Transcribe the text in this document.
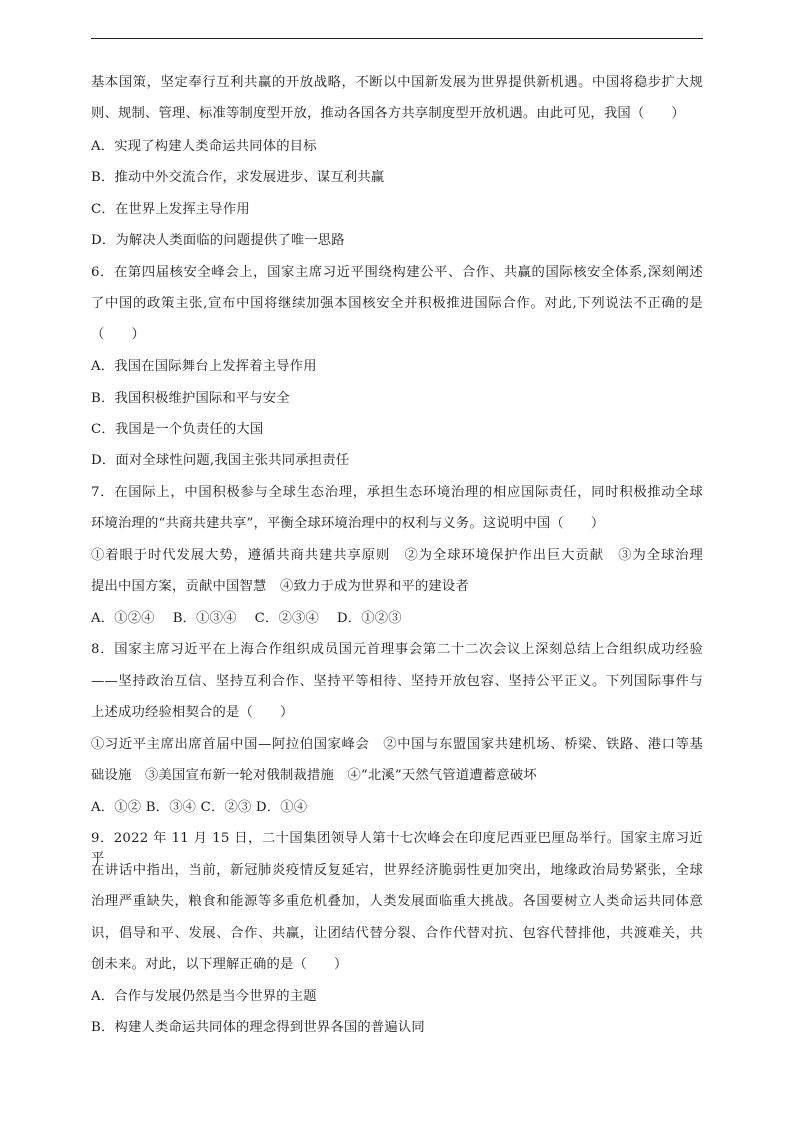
基本国策，坚定奉行互利共赢的开放战略，不断以中国新发展为世界提供新机遇。中国将稳步扩大规
则、规制、管理、标准等制度型开放，推动各国各方共享制度型开放机遇。由此可见，我国（　　）
A．实现了构建人类命运共同体的目标
B．推动中外交流合作，求发展进步、谋互利共赢
C．在世界上发挥主导作用
D．为解决人类面临的问题提供了唯一思路
6．在第四届核安全峰会上，国家主席习近平围绕构建公平、合作、共赢的国际核安全体系,深刻阐述
了中国的政策主张,宣布中国将继续加强本国核安全并积极推进国际合作。对此,下列说法不正确的是
（　　）
A．我国在国际舞台上发挥着主导作用
B．我国积极维护国际和平与安全
C．我国是一个负责任的大国
D．面对全球性问题,我国主张共同承担责任
7．在国际上，中国积极参与全球生态治理，承担生态环境治理的相应国际责任，同时积极推动全球
环境治理的“共商共建共享”，平衡全球环境治理中的权利与义务。这说明中国（　　）
①着眼于时代发展大势，遵循共商共建共享原则　②为全球环境保护作出巨大贡献　③为全球治理
提出中国方案，贡献中国智慧　④致力于成为世界和平的建设者
A．①②④　 B．①③④　 C．②③④　 D．①②③
8．国家主席习近平在上海合作组织成员国元首理事会第二十二次会议上深刻总结上合组织成功经验
——坚持政治互信、坚持互利合作、坚持平等相待、坚持开放包容、坚持公平正义。下列国际事件与
上述成功经验相契合的是（　　）
①习近平主席出席首届中国—阿拉伯国家峰会　②中国与东盟国家共建机场、桥梁、铁路、港口等基
础设施　③美国宣布新一轮对俄制裁措施　④“北溪”天然气管道遭蓄意破坏
A．①② B．③④ C．②③ D．①④
9．2022 年 11 月 15 日，二十国集团领导人第十七次峰会在印度尼西亚巴厘岛举行。国家主席习近平
在讲话中指出，当前，新冠肺炎疫情反复延宕，世界经济脆弱性更加突出，地缘政治局势紧张，全球
治理严重缺失，粮食和能源等多重危机叠加，人类发展面临重大挑战。各国要树立人类命运共同体意
识，倡导和平、发展、合作、共赢，让团结代替分裂、合作代替对抗、包容代替排他，共渡难关，共
创未来。对此，以下理解正确的是（　　）
A．合作与发展仍然是当今世界的主题
B．构建人类命运共同体的理念得到世界各国的普遍认同
